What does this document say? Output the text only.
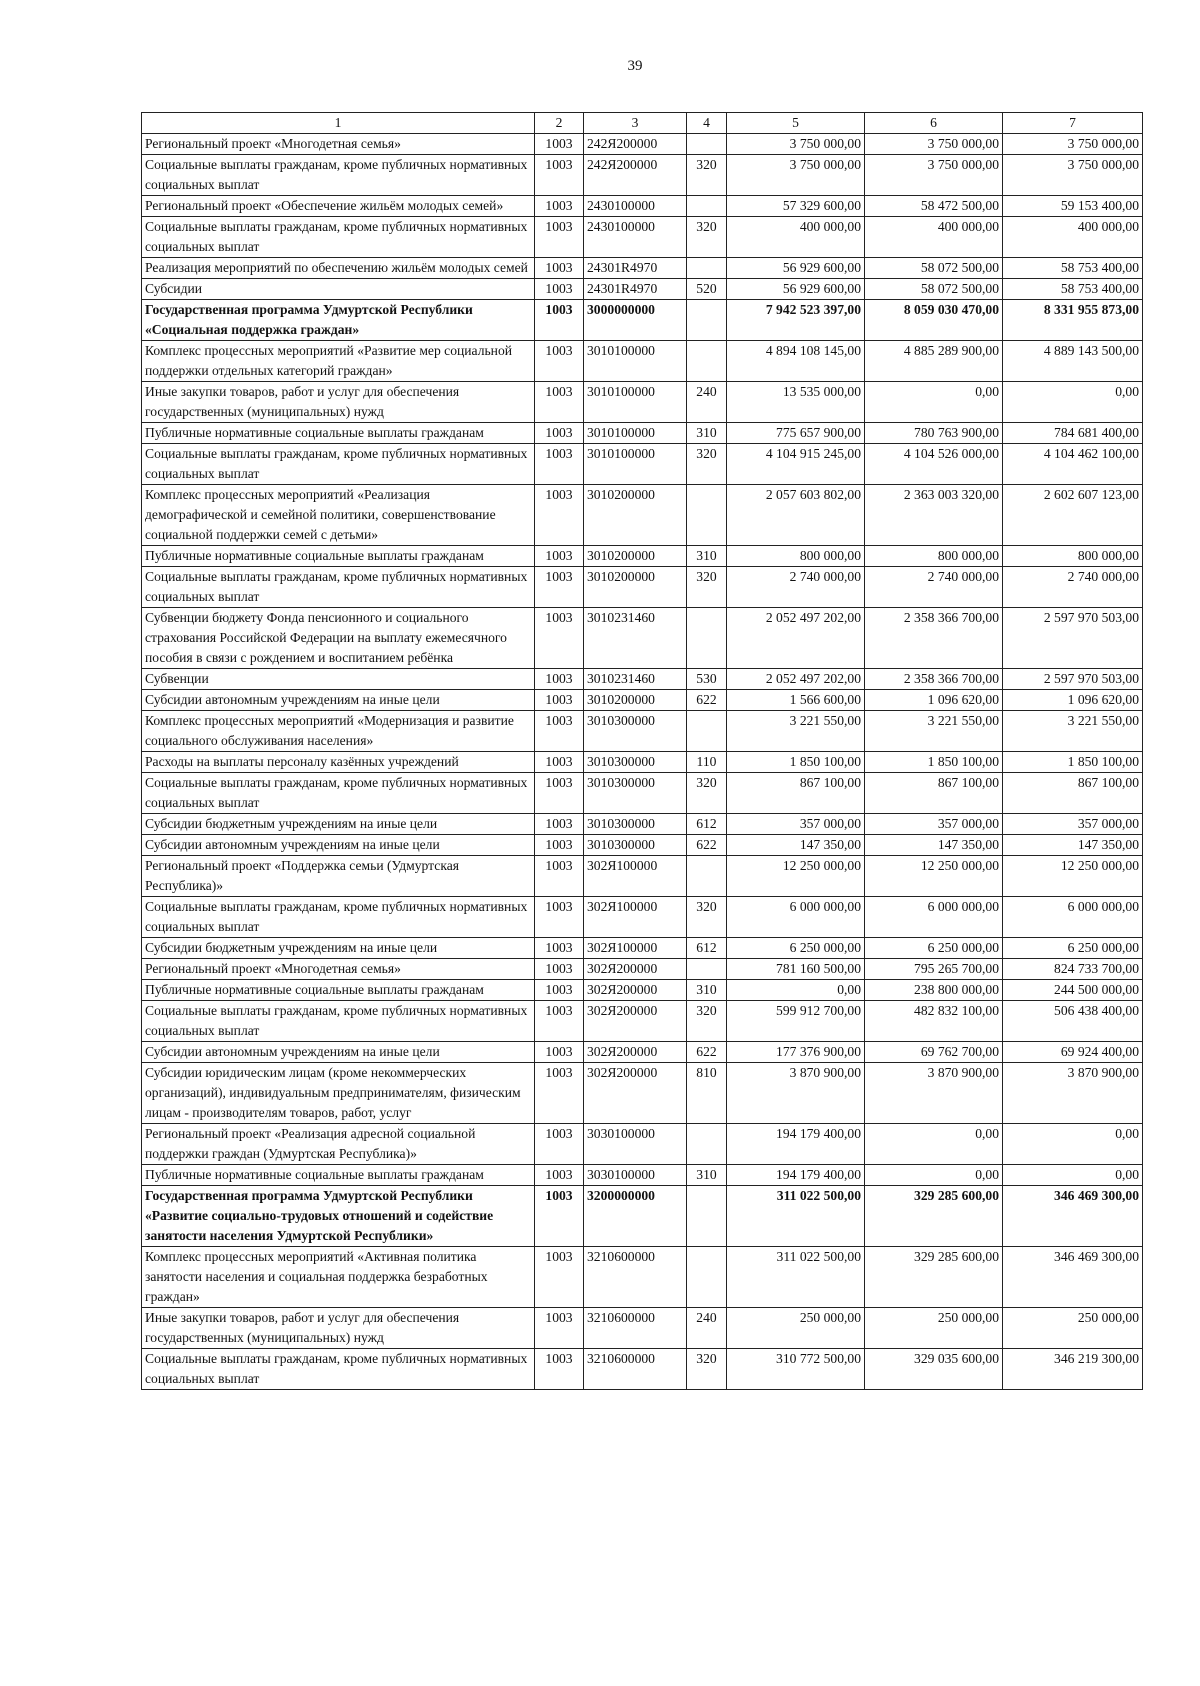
39
1	2	3	4	5	6	7
Региональный проект «Многодетная семья»	1003	242Я200000		3 750 000,00	3 750 000,00	3 750 000,00
Социальные выплаты гражданам, кроме публичных нормативных социальных выплат	1003	242Я200000	320	3 750 000,00	3 750 000,00	3 750 000,00
Региональный проект «Обеспечение жильём молодых семей»	1003	2430100000		57 329 600,00	58 472 500,00	59 153 400,00
Социальные выплаты гражданам, кроме публичных нормативных социальных выплат	1003	2430100000	320	400 000,00	400 000,00	400 000,00
Реализация мероприятий по обеспечению жильём молодых семей	1003	24301R4970		56 929 600,00	58 072 500,00	58 753 400,00
Субсидии	1003	24301R4970	520	56 929 600,00	58 072 500,00	58 753 400,00
Государственная программа Удмуртской Республики «Социальная поддержка граждан»	1003	3000000000		7 942 523 397,00	8 059 030 470,00	8 331 955 873,00
Комплекс процессных мероприятий «Развитие мер социальной поддержки отдельных категорий граждан»	1003	3010100000		4 894 108 145,00	4 885 289 900,00	4 889 143 500,00
Иные закупки товаров, работ и услуг для обеспечения государственных (муниципальных) нужд	1003	3010100000	240	13 535 000,00	0,00	0,00
Публичные нормативные социальные выплаты гражданам	1003	3010100000	310	775 657 900,00	780 763 900,00	784 681 400,00
Социальные выплаты гражданам, кроме публичных нормативных социальных выплат	1003	3010100000	320	4 104 915 245,00	4 104 526 000,00	4 104 462 100,00
Комплекс процессных мероприятий «Реализация демографической и семейной политики, совершенствование социальной поддержки семей с детьми»	1003	3010200000		2 057 603 802,00	2 363 003 320,00	2 602 607 123,00
Публичные нормативные социальные выплаты гражданам	1003	3010200000	310	800 000,00	800 000,00	800 000,00
Социальные выплаты гражданам, кроме публичных нормативных социальных выплат	1003	3010200000	320	2 740 000,00	2 740 000,00	2 740 000,00
Субвенции бюджету Фонда пенсионного и социального страхования Российской Федерации на выплату ежемесячного пособия в связи с рождением и воспитанием ребёнка	1003	3010231460		2 052 497 202,00	2 358 366 700,00	2 597 970 503,00
Субвенции	1003	3010231460	530	2 052 497 202,00	2 358 366 700,00	2 597 970 503,00
Субсидии автономным учреждениям на иные цели	1003	3010200000	622	1 566 600,00	1 096 620,00	1 096 620,00
Комплекс процессных мероприятий «Модернизация и развитие социального обслуживания населения»	1003	3010300000		3 221 550,00	3 221 550,00	3 221 550,00
Расходы на выплаты персоналу казённых учреждений	1003	3010300000	110	1 850 100,00	1 850 100,00	1 850 100,00
Социальные выплаты гражданам, кроме публичных нормативных социальных выплат	1003	3010300000	320	867 100,00	867 100,00	867 100,00
Субсидии бюджетным учреждениям на иные цели	1003	3010300000	612	357 000,00	357 000,00	357 000,00
Субсидии автономным учреждениям на иные цели	1003	3010300000	622	147 350,00	147 350,00	147 350,00
Региональный проект «Поддержка семьи (Удмуртская Республика)»	1003	302Я100000		12 250 000,00	12 250 000,00	12 250 000,00
Социальные выплаты гражданам, кроме публичных нормативных социальных выплат	1003	302Я100000	320	6 000 000,00	6 000 000,00	6 000 000,00
Субсидии бюджетным учреждениям на иные цели	1003	302Я100000	612	6 250 000,00	6 250 000,00	6 250 000,00
Региональный проект «Многодетная семья»	1003	302Я200000		781 160 500,00	795 265 700,00	824 733 700,00
Публичные нормативные социальные выплаты гражданам	1003	302Я200000	310	0,00	238 800 000,00	244 500 000,00
Социальные выплаты гражданам, кроме публичных нормативных социальных выплат	1003	302Я200000	320	599 912 700,00	482 832 100,00	506 438 400,00
Субсидии автономным учреждениям на иные цели	1003	302Я200000	622	177 376 900,00	69 762 700,00	69 924 400,00
Субсидии юридическим лицам (кроме некоммерческих организаций), индивидуальным предпринимателям, физическим лицам - производителям товаров, работ, услуг	1003	302Я200000	810	3 870 900,00	3 870 900,00	3 870 900,00
Региональный проект «Реализация адресной социальной поддержки граждан (Удмуртская Республика)»	1003	3030100000		194 179 400,00	0,00	0,00
Публичные нормативные социальные выплаты гражданам	1003	3030100000	310	194 179 400,00	0,00	0,00
Государственная программа Удмуртской Республики «Развитие социально-трудовых отношений и содействие занятости населения Удмуртской Республики»	1003	3200000000		311 022 500,00	329 285 600,00	346 469 300,00
Комплекс процессных мероприятий «Активная политика занятости населения и социальная поддержка безработных граждан»	1003	3210600000		311 022 500,00	329 285 600,00	346 469 300,00
Иные закупки товаров, работ и услуг для обеспечения государственных (муниципальных) нужд	1003	3210600000	240	250 000,00	250 000,00	250 000,00
Социальные выплаты гражданам, кроме публичных нормативных социальных выплат	1003	3210600000	320	310 772 500,00	329 035 600,00	346 219 300,00
